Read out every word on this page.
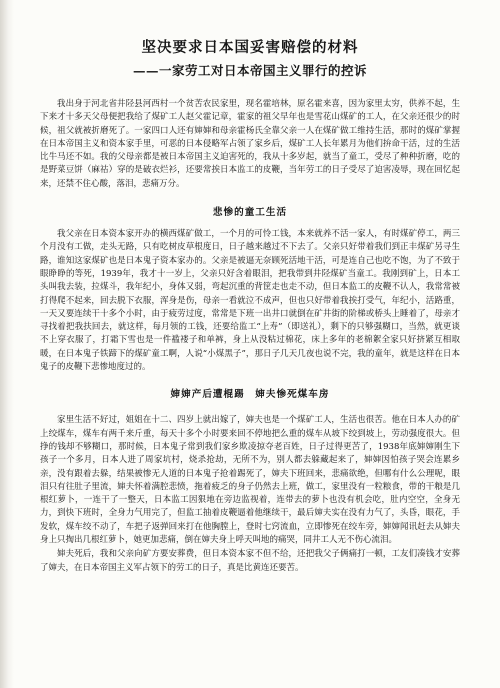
坚决要求日本国妥害赔偿的材料
——一家劳工对日本帝国主义罪行的控诉

我出身于河北省井陉县河西村一个贫苦农民家里，现名霍培林，原名霍来喜，因为家里太穷，供养不起，生下来才十多天父母便把我给了煤矿工人赵父霍记章，霍家的祖父早年也是雪花山煤矿的工人，在父亲还很少的时候，祖父就被折磨死了。一家四口人还有婶婶和母亲霍杨氏全靠父亲一人在煤矿做工维持生活，那时的煤矿掌握在日本帝国主义和资本家手里，可恶的日本侵略军占领了家乡后，煤矿工人长年累月为他们拚命干活，过的生活比牛马还不如。我的父母亲都是被日本帝国主义迫害死的，我从十多岁起，就当了童工，受尽了种种折磨，吃的是野菜豆饼（麻祜）穿的是破衣烂衫，还要常挨日本监工的皮鞭，当年劳工的日子受尽了迫害凌辱，现在回忆起来，还禁不住心酸，落泪，悲痛万分。

悲惨的童工生活

我父亲在日本资本家开办的横西煤矿做工，一个月的可怜工钱，本来就养不活一家人，有时煤矿停工，两三个月没有工做，走头无路，只有吃树皮草根度日，日子越来越过不下去了。父亲只好带着我们到正丰煤矿另寻生路，谁知这家煤矿也是日本鬼子资本家办的。父亲是被逼无奈顾死活地干活，可是连自己也吃不饱，为了不致于眼睁睁的等死，1939年，我才十一岁上，父亲只好含着眼泪，把我带到井陉煤矿当童工。我刚到矿上，日本工头叫我去装，拉煤斗，我年纪小，身体又弱，弯起沉重的背筐走也走不动，但日本监工的皮鞭不认人，我常常被打得爬不起来，回去脱下衣服，浑身是伤，母亲一看就泣不成声，但也只好带着我挨打受气，年纪小，活路重，一天又要连续干十多个小时，由于疲劳过度，常常是下班一出井口就倒在矿井街的阶梯或桥头上睡着了，母亲才寻找着把我扶回去，就这样，每月领的工钱，还要给监工“上寿”（即送礼），剩下的只够强糊口，当然，就更谈不上穿衣服了，打霜下雪也是一件褴褛子和单裤，身上从没粘过棉花，床上多年的老棉絮全家只好挤紧互相取暖，在日本鬼子铁蹄下的煤矿童工啊，人说“小煤黑子”，那日子几天几夜也说不完，我的童年，就是这样在日本鬼子的皮鞭下悲惨地度过的。

婶婶产后遭棍踢　婶夫惨死煤车房

家里生活不好过，姐姐在十二、四岁上就出嫁了，婶夫也是一个煤矿工人，生活也很苦。他在日本人办的矿上绞煤车，煤车有两千来斤重，每天十多个小时要来回不停地把么重的煤车从坡下绞到坡上，劳动强度很大。但挣的钱却不够糊口，那时候，日本鬼子常到我们家乡欺凌掠夺老百姓，日子过得更苦了，1938年底婶婶刚生下孩子一个多月，日本人进了周家坑村，烧杀抢劫，无所不为，别人都去躲藏起来了，婶婶因怕孩子哭会连累乡亲，没有跟着去躲，结果被惨无人道的日本鬼子抢着踢死了，婶夫下班回来，悲痛欲绝，但哪有什么公理呢，眼泪只有往肚子里流，婶夫怀着满腔悲愤，拖着疲乏的身子仍然去上班，做工，家里没有一粒粮食，带的干粮是几根红萝卜，一连干了一整天，日本监工因狠地在旁边监视着，连带去的萝卜也没有机会吃，肚内空空，全身无力，到快下班时，全身力气用完了，但监工抽着皮鞭逼着他继续干，最后婶夫实在没有力气了，头昏，眼花，手发软，煤车绞不动了，车把子返弹回来打在他胸膛上，登时七窍流血，立即惨死在绞车旁，婶婶闻讯赶去从婶夫身上只掏出几根红萝卜，她更加悲痛，倒在婶夫身上呼天叫地的痛哭，同井工人无不伤心流泪。

婶夫死后，我和父亲向矿方要安葬费，但日本资本家不但不给，还把我父子俩痛打一顿，工友们凑钱才安葬了婶夫，在日本帝国主义军占领下的劳工的日子，真是比黄连还要苦。
